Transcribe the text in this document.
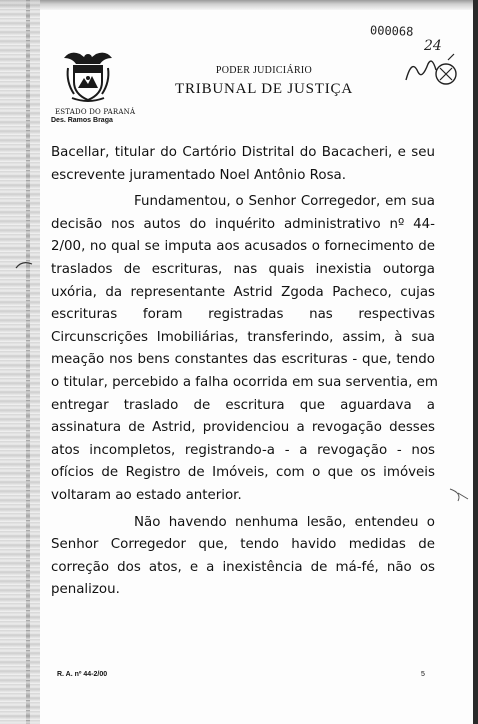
ESTADO DO PARANÁ
Des. Ramos Braga
PODER JUDICIÁRIO
TRIBUNAL DE JUSTIÇA
000068
24
Bacellar, titular do Cartório Distrital do Bacacheri, e seu
escrevente juramentado Noel Antônio Rosa.
Fundamentou, o Senhor Corregedor, em sua
decisão nos autos do inquérito administrativo nº 44-
2/00, no qual se imputa aos acusados o fornecimento de
traslados de escrituras, nas quais inexistia outorga
uxória, da representante Astrid Zgoda Pacheco, cujas
escrituras foram registradas nas respectivas
Circunscrições Imobiliárias, transferindo, assim, à sua
meação nos bens constantes das escrituras - que, tendo
o titular, percebido a falha ocorrida em sua serventia, em
entregar traslado de escritura que aguardava a
assinatura de Astrid, providenciou a revogação desses
atos incompletos, registrando-a - a revogação - nos
ofícios de Registro de Imóveis, com o que os imóveis
voltaram ao estado anterior.
Não havendo nenhuma lesão, entendeu o
Senhor Corregedor que, tendo havido medidas de
correção dos atos, e a inexistência de má-fé, não os
penalizou.
R. A. nº 44-2/00	5
